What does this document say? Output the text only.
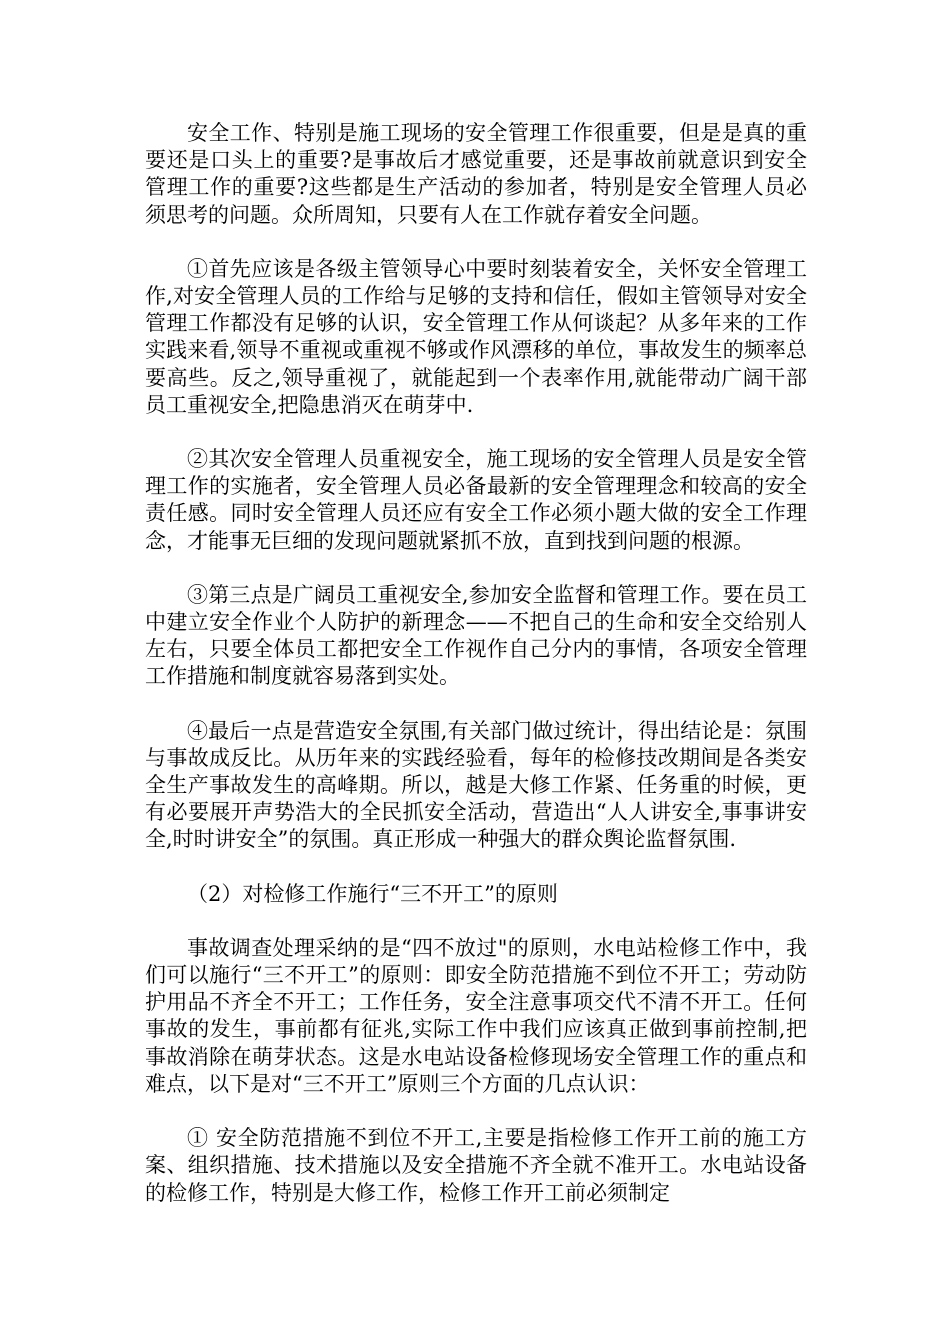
安全工作、特别是施工现场的安全管理工作很重要，但是是真的重要还是口头上的重要?是事故后才感觉重要，还是事故前就意识到安全管理工作的重要?这些都是生产活动的参加者，特别是安全管理人员必须思考的问题。众所周知，只要有人在工作就存着安全问题。

①首先应该是各级主管领导心中要时刻装着安全，关怀安全管理工作,对安全管理人员的工作给与足够的支持和信任，假如主管领导对安全管理工作都没有足够的认识，安全管理工作从何谈起？从多年来的工作实践来看,领导不重视或重视不够或作风漂移的单位，事故发生的频率总要高些。反之,领导重视了，就能起到一个表率作用,就能带动广阔干部员工重视安全,把隐患消灭在萌芽中.

②其次安全管理人员重视安全，施工现场的安全管理人员是安全管理工作的实施者，安全管理人员必备最新的安全管理理念和较高的安全责任感。同时安全管理人员还应有安全工作必须小题大做的安全工作理念，才能事无巨细的发现问题就紧抓不放，直到找到问题的根源。

③第三点是广阔员工重视安全,参加安全监督和管理工作。要在员工中建立安全作业个人防护的新理念——不把自己的生命和安全交给别人左右，只要全体员工都把安全工作视作自己分内的事情，各项安全管理工作措施和制度就容易落到实处。

④最后一点是营造安全氛围,有关部门做过统计，得出结论是：氛围与事故成反比。从历年来的实践经验看，每年的检修技改期间是各类安全生产事故发生的高峰期。所以，越是大修工作紧、任务重的时候，更有必要展开声势浩大的全民抓安全活动，营造出“人人讲安全,事事讲安全,时时讲安全”的氛围。真正形成一种强大的群众舆论监督氛围.

（2）对检修工作施行“三不开工”的原则

事故调查处理采纳的是“四不放过"的原则，水电站检修工作中，我们可以施行“三不开工”的原则：即安全防范措施不到位不开工；劳动防护用品不齐全不开工；工作任务，安全注意事项交代不清不开工。任何事故的发生，事前都有征兆,实际工作中我们应该真正做到事前控制,把事故消除在萌芽状态。这是水电站设备检修现场安全管理工作的重点和难点，以下是对“三不开工”原则三个方面的几点认识：

① 安全防范措施不到位不开工,主要是指检修工作开工前的施工方案、组织措施、技术措施以及安全措施不齐全就不准开工。水电站设备的检修工作，特别是大修工作，检修工作开工前必须制定
